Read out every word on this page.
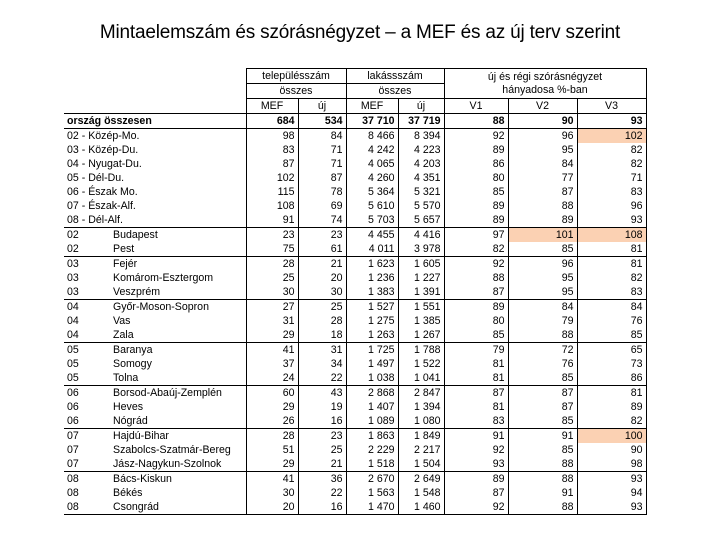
Mintaelemszám és szórásnégyzet – a MEF és az új terv szerint
		településszám		lakássszám		új és régi szórásnégyzet hányadosa %-ban		
		összes		összes				
		MEF	új	MEF	új	V1	V2	V3
ország összesen		684	534	37 710	37 719	88	90	93
02 - Közép-Mo.		98	84	8 466	8 394	92	96	102
03 - Közép-Du.		83	71	4 242	4 223	89	95	82
04 - Nyugat-Du.		87	71	4 065	4 203	86	84	82
05 - Dél-Du.		102	87	4 260	4 351	80	77	71
06 - Észak Mo.		115	78	5 364	5 321	85	87	83
07 - Észak-Alf.		108	69	5 610	5 570	89	88	96
08 - Dél-Alf.		91	74	5 703	5 657	89	89	93
02	Budapest	23	23	4 455	4 416	97	101	108
02	Pest	75	61	4 011	3 978	82	85	81
03	Fejér	28	21	1 623	1 605	92	96	81
03	Komárom-Esztergom	25	20	1 236	1 227	88	95	82
03	Veszprém	30	30	1 383	1 391	87	95	83
04	Győr-Moson-Sopron	27	25	1 527	1 551	89	84	84
04	Vas	31	28	1 275	1 385	80	79	76
04	Zala	29	18	1 263	1 267	85	88	85
05	Baranya	41	31	1 725	1 788	79	72	65
05	Somogy	37	34	1 497	1 522	81	76	73
05	Tolna	24	22	1 038	1 041	81	85	86
06	Borsod-Abaúj-Zemplén	60	43	2 868	2 847	87	87	81
06	Heves	29	19	1 407	1 394	81	87	89
06	Nógrád	26	16	1 089	1 080	83	85	82
07	Hajdú-Bihar	28	23	1 863	1 849	91	91	100
07	Szabolcs-Szatmár-Bereg	51	25	2 229	2 217	92	85	90
07	Jász-Nagykun-Szolnok	29	21	1 518	1 504	93	88	98
08	Bács-Kiskun	41	36	2 670	2 649	89	88	93
08	Békés	30	22	1 563	1 548	87	91	94
08	Csongrád	20	16	1 470	1 460	92	88	93
